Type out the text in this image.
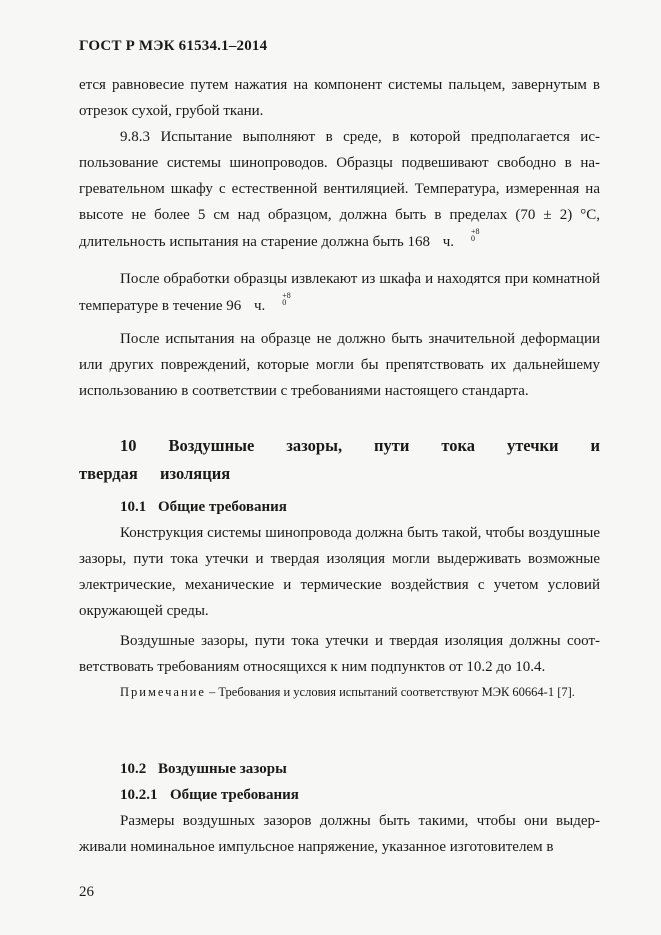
ГОСТ Р МЭК 61534.1–2014
ется равновесие путем нажатия на компонент системы пальцем, завернутым в отрезок сухой, грубой ткани.
9.8.3 Испытание выполняют в среде, в которой предполагается использование системы шинопроводов. Образцы подвешивают свободно в нагревательном шкафу с естественной вентиляцией. Температура, измеренная на высоте не более 5 см над образцом, должна быть в пределах (70 ± 2) °С, длительность испытания на старение должна быть 168
$^{+8 0}$
ч.
После обработки образцы извлекают из шкафа и находятся при комнатной температуре в течение 96
$^{+8 0}$
ч.
После испытания на образце не должно быть значительной деформации или других повреждений, которые могли бы препятствовать их дальнейшему использованию в соответствии с требованиями настоящего стандарта.
10 Воздушные зазоры, пути тока утечки и твердая изоляция
10.1 Общие требования
Конструкция системы шинопровода должна быть такой, чтобы воздушные зазоры, пути тока утечки и твердая изоляция могли выдерживать возможные электрические, механические и термические воздействия с учетом условий окружающей среды.
Воздушные зазоры, пути тока утечки и твердая изоляция должны соответствовать требованиям относящихся к ним подпунктов от 10.2 до 10.4.
Примечание – Требования и условия испытаний соответствуют МЭК 60664-1 [7].
10.2 Воздушные зазоры
10.2.1 Общие требования
Размеры воздушных зазоров должны быть такими, чтобы они выдерживали номинальное импульсное напряжение, указанное изготовителем в
26
